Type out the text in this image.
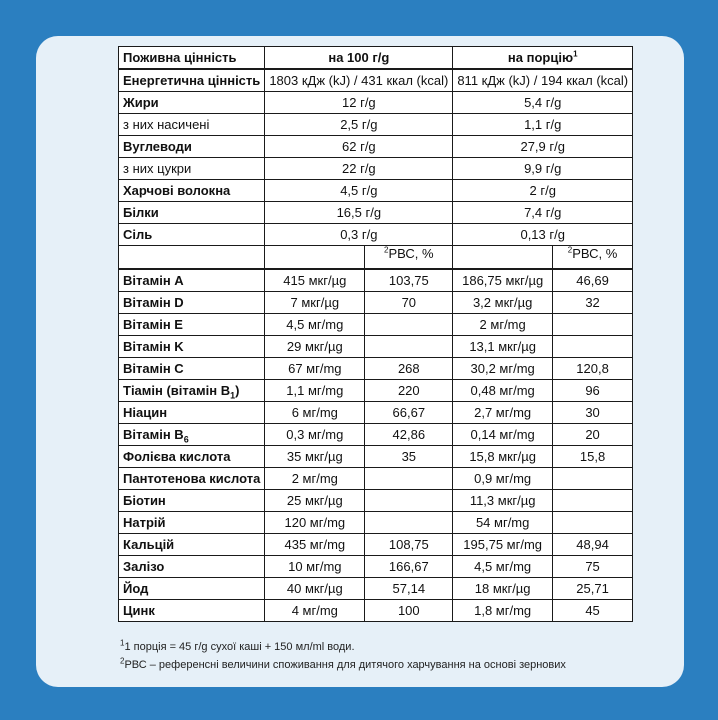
Поживна цінність	на 100 г/g		на порцію$^1$
Енергетична цінність	1803 кДж (kJ) / 431 ккал (kcal)		811 кДж (kJ) / 194 ккал (kcal)	
Жири	12 г/g		5,4 г/g	
з них насичені	2,5 г/g		1,1 г/g	
Вуглеводи	62 г/g		27,9 г/g	
з них цукри	22 г/g		9,9 г/g	
Харчові волокна	4,5 г/g		2 г/g	
Білки	16,5 г/g		7,4 г/g	
Сіль	0,3 г/g		0,13 г/g	
		$^2$РВС, %		$^2$РВС, %
Вітамін A	415 мкг/µg	103,75	186,75 мкг/µg	46,69
Вітамін D	7 мкг/µg	70	3,2 мкг/µg	32
Вітамін E	4,5 мг/mg		2 мг/mg	
Вітамін K	29 мкг/µg		13,1 мкг/µg	
Вітамін C	67 мг/mg	268	30,2 мг/mg	120,8
Тіамін (вітамін $B_1$)	1,1 мг/mg	220	0,48 мг/mg	96
Ніацин	6 мг/mg	66,67	2,7 мг/mg	30
Вітамін $B_6$	0,3 мг/mg	42,86	0,14 мг/mg	20
Фолієва кислота	35 мкг/µg	35	15,8 мкг/µg	15,8
Пантотенова кислота	2 мг/mg		0,9 мг/mg	
Біотин	25 мкг/µg		11,3 мкг/µg	
Натрій	120 мг/mg		54 мг/mg	
Кальцій	435 мг/mg	108,75	195,75 мг/mg	48,94
Залізо	10 мг/mg	166,67	4,5 мг/mg	75
Йод	40 мкг/µg	57,14	18 мкг/µg	25,71
Цинк	4 мг/mg	100	1,8 мг/mg	45
$^1$1 порція = 45 г/g сухої каші + 150 мл/ml води.
$^2$РВС – референсні величини споживання для дитячого харчування на основі зернових
